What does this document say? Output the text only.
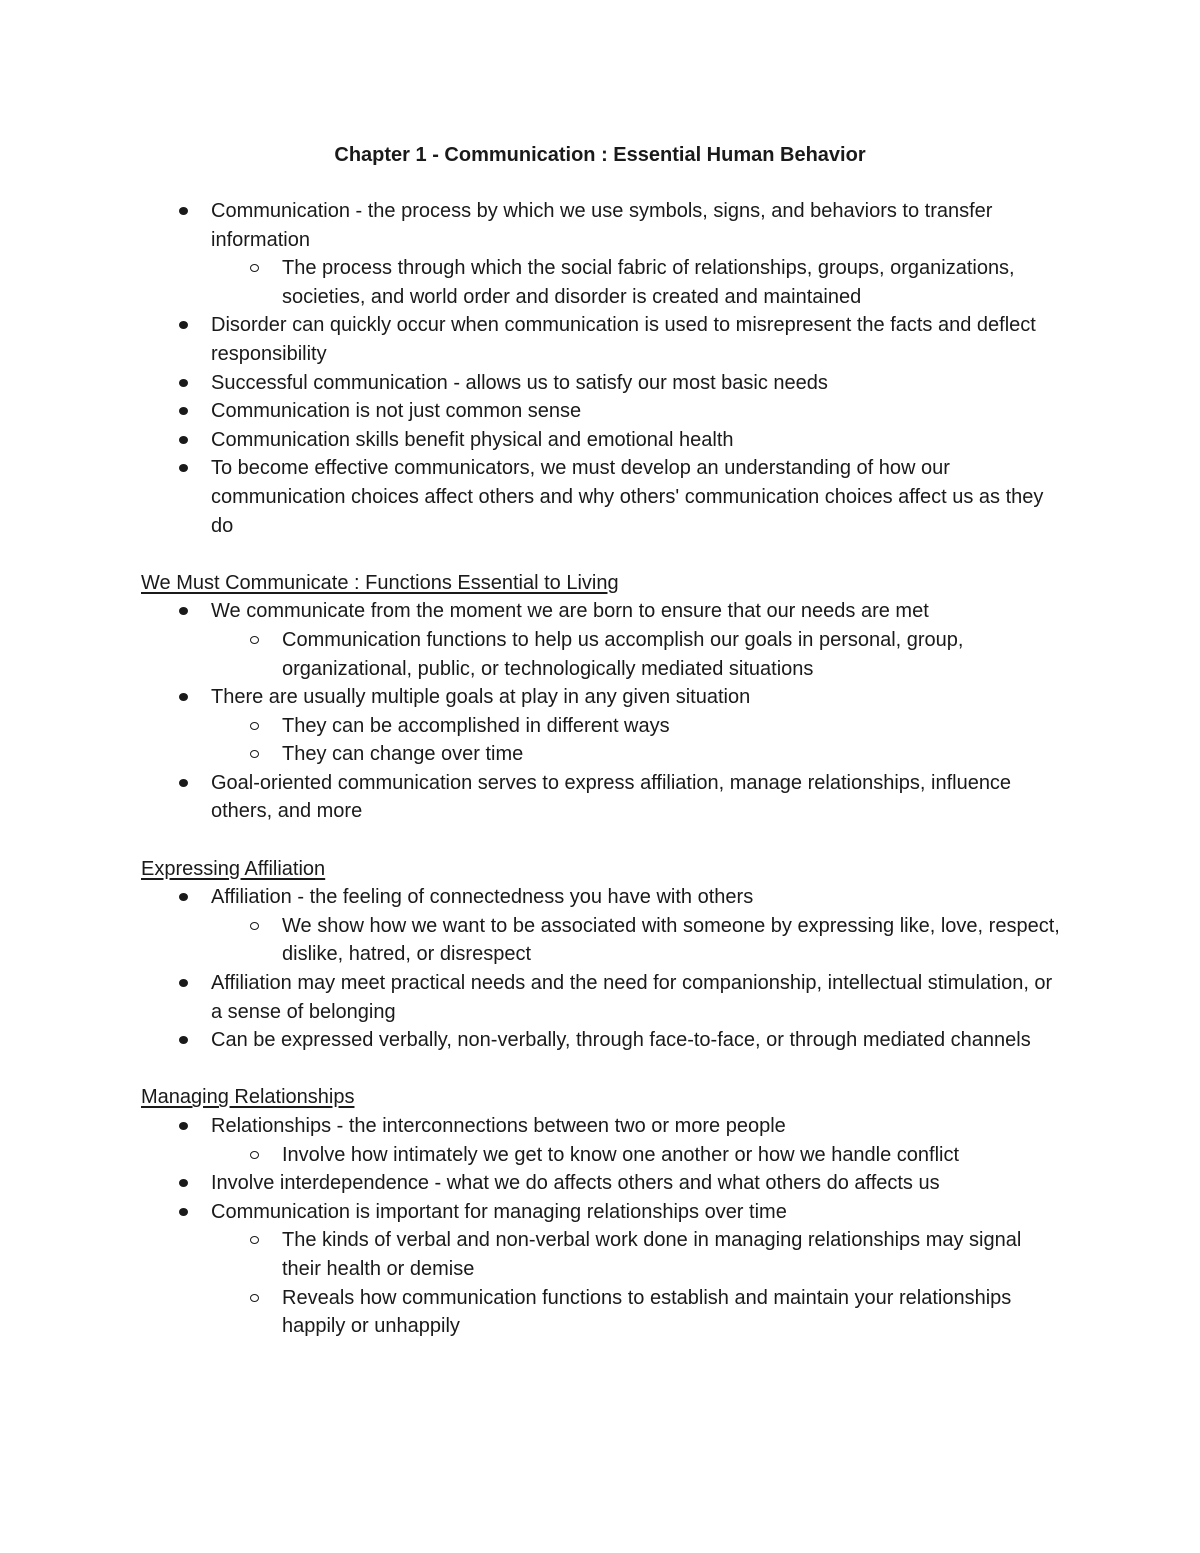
Chapter 1 - Communication : Essential Human Behavior
Communication - the process by which we use symbols, signs, and behaviors to transfer information
The process through which the social fabric of relationships, groups, organizations, societies, and world order and disorder is created and maintained
Disorder can quickly occur when communication is used to misrepresent the facts and deflect responsibility
Successful communication - allows us to satisfy our most basic needs
Communication is not just common sense
Communication skills benefit physical and emotional health
To become effective communicators, we must develop an understanding of how our communication choices affect others and why others' communication choices affect us as they do

We Must Communicate : Functions Essential to Living

We communicate from the moment we are born to ensure that our needs are met
Communication functions to help us accomplish our goals in personal, group, organizational, public, or technologically mediated situations
There are usually multiple goals at play in any given situation
They can be accomplished in different ways
They can change over time
Goal-oriented communication serves to express affiliation, manage relationships, influence others, and more

Expressing Affiliation

Affiliation - the feeling of connectedness you have with others
We show how we want to be associated with someone by expressing like, love, respect, dislike, hatred, or disrespect
Affiliation may meet practical needs and the need for companionship, intellectual stimulation, or a sense of belonging
Can be expressed verbally, non-verbally, through face-to-face, or through mediated channels

Managing Relationships

Relationships - the interconnections between two or more people
Involve how intimately we get to know one another or how we handle conflict
Involve interdependence - what we do affects others and what others do affects us
Communication is important for managing relationships over time
The kinds of verbal and non-verbal work done in managing relationships may signal their health or demise
Reveals how communication functions to establish and maintain your relationships happily or unhappily
